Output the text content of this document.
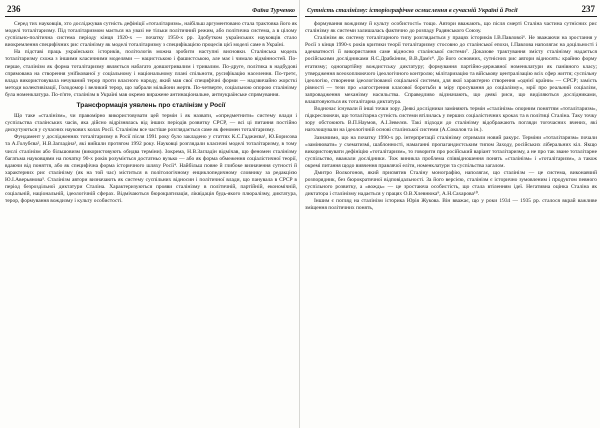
236	Фаїна Турченко

Серед тих науковців, хто досліджував сутність дефініції «тоталітаризм», наібільш аргументовано стала трактовка його як моделі тоталітаризму. Під тоталітаризмом мається на увазі не тільки політичний режим, або політична система, а в цілому суспільно-політична система періоду кінця 1920-х — початку 1950-х рр. Здобутком українських науковців стало виокремлення специфічних рис сталінізму як моделі тоталітаризму з специфікацією процесів цієї моделі саме в Україні.

На підставі праць українських істориків, політологів можна зробити наступні висновки. Сталінська модель тоталітаризму схожа з іншими класичними моделями — нацистською і фашистською, але має і чимало відмінностей. По-перше, сталінізм як форма тоталітаризму являється набагато довшотривалим і тривалим. По-друге, політика в надбудові спрямована на створення унifікованої у соціальному і національному плані спільноти, русифікацію населення. По-третє, влада використовувала нечуваний терор проти власного народу, який мав свої специфічні форми — надзвичайно жорсткі методи колективізації, Голодомор і великий терор, що забрали мільйони жертв. По-четверте, соціальною опорою сталінізму була номенклатура. По-п'яте, сталінізм в Україні мав окремо виражене антинаціональне, антиукраїнське спрямування.

Трансформація уявлень про сталінізм у Росії

Що таке «сталінізм», чи правомірно використовувати цей термін і як назвати, «опредметнити» систему влади і суспільства сталінських часів, яка дійсно відрізнялась від інших періодів розвитку СРСР, — всі ці питання постійно дискутуються у сучасних наукових колах Росії. Сталінізм все частіше розглядається саме як феномен тоталітаризму.

Фундамент у дослідженнях тоталітаризму в Росії після 1991 року було закладено у статтях К.С.Гаджиєва¹, Ю.Борисова та А.Голубєва², Н.В.Загладіна³, які вийшли протягом 1992 року. Науковці розглядали класичні моделі тоталітаризму, в тому числі сталінізм або більшовизм (використовують обидва терміни). Зокрема, Н.В.Загладін відмічав, що феномен сталінізму багатьма науковцями на початку 90-х років розуміється достатньо вузько — або як форма обмеження соціалістичної теорії, вдаючи від поняття, або як специфічна форма історичного шляху Росії⁴. Найбільш повне й глибоке визначення сутності й характерних рис сталінізму (як на той час) міститься в політологічному енциклопедичному словнику за редакцією Ю.І.Аверьянова⁵. Сталінізм автори визначають як систему суспільних відносин і політичної влади, що панувала в СРСР в період безроздільної диктатури Сталіна. Характеризуються прояви сталінізму в політичній, партійній, економічній, соціальній, національній, ідеологічній сферах. Відмічаються бюрократизація, ліквідація будь-якого плюралізму, диктатура, терор, формування вождизму і культу особистості.

Сутність сталінізму: історіографічне осмислення в сучасній Україні й Росії	237

формування вождизму й культу особистості» тощо. Автори вважають, що після смерті Сталіна частина сутнісних рис сталінізму як системи залишалась фактично до розпаду Радянського Союзу.

Сталінізм як систему тоталітарного типу розглядається у працях істориків І.В.Павлової⁶. Не зважаючи на зростання у Росії з кінця 1990-х років критики теорії тоталітаризму стосовно до сталінської епохи, І.Павлова наполягає на доцільності і адекватності її використання саме відносно сталінської системи⁷. Доказове трактування змісту сталінізму надається російськими дослідниками Я.С.Драбкіним, В.В.Дам'є⁸. До його основних, сутнісних рис автори відносять: крайню форму етатизму; однопартійну вождистську диктатуру; формування партійно-державної номенклатури як панівного класу; утвердження всеохоплюючого ідеологічного контролю; мілітаризацію та військову централізацію всіх сфер життя; суспільну ідеологію, створення ідеологізованої соціальної системи, для якої характерно створення «однієї країни» — СРСР; замість рівності — тези про «загострення класової боротьби в міру просування до соціалізму», мрії про реальний соціалізм, запровадження механізму насильства. Справедливо відзначають, що деякі риси, що виділяються дослідниками, влаштовуються як тоталітарна диктатура.

Водночас існували й інші точки зору. Деякі дослідники заміняють термін «сталінізм» опорним поняттям «тоталітаризм», підкреслюючи, що тоталітарна сутність системи втілилась у перших соціалістичних кроках та в політиці Сталіна. Таку точку зору обстоюють В.П.Наумов, А.І.Зевелєв. Такі підходи до сталінізму відображають погляди тогочасних вчених, які наголошували на ідеологічній основі сталінської системи (А.Соколов та ін.).

Зазначимо, що на початку 1990-х рр. інтерпретації сталінізму отримали новий ракурс. Терміни «тоталітаризм» почали «замінювати» у схематизмі, шаблонності, намаганні пропагандистським типом Заходу, російських ліберальних кіл. Якщо використовувати дефініцію «тоталітаризм», то говорити про російський варіант тоталітаризму, а не про так зване тоталітарне суспільство, вважали дослідники. Тож виникла проблема співвідношення понять «сталінізм» і «тоталітаризм», а також окремі питання щодо вивчення правлячої еліти, номенклатури та суспільства загалом.

Дмитро Волкогонов, який присвятив Сталіну монографію, наполягає, що сталінізм — це система, виконавчий розпорядник, без бюрократичної відповідальності. За його версією, сталінізм є історично зумовленим і продуктом певного суспільного розвитку, а «вождь» — це зростаюча особистість, що стала втіленням ідеї. Негативна оцінка Сталіна як диктатора і сталінізму надається у працях О.В.Хлевнюка⁹, А.Н.Сахарова¹⁰.

Іншим є погляд на сталінізм історика Юрія Жукова. Він вважає, що у роки 1934 — 1935 рр. сталося вкрай важливе зміщення політичних понять,
